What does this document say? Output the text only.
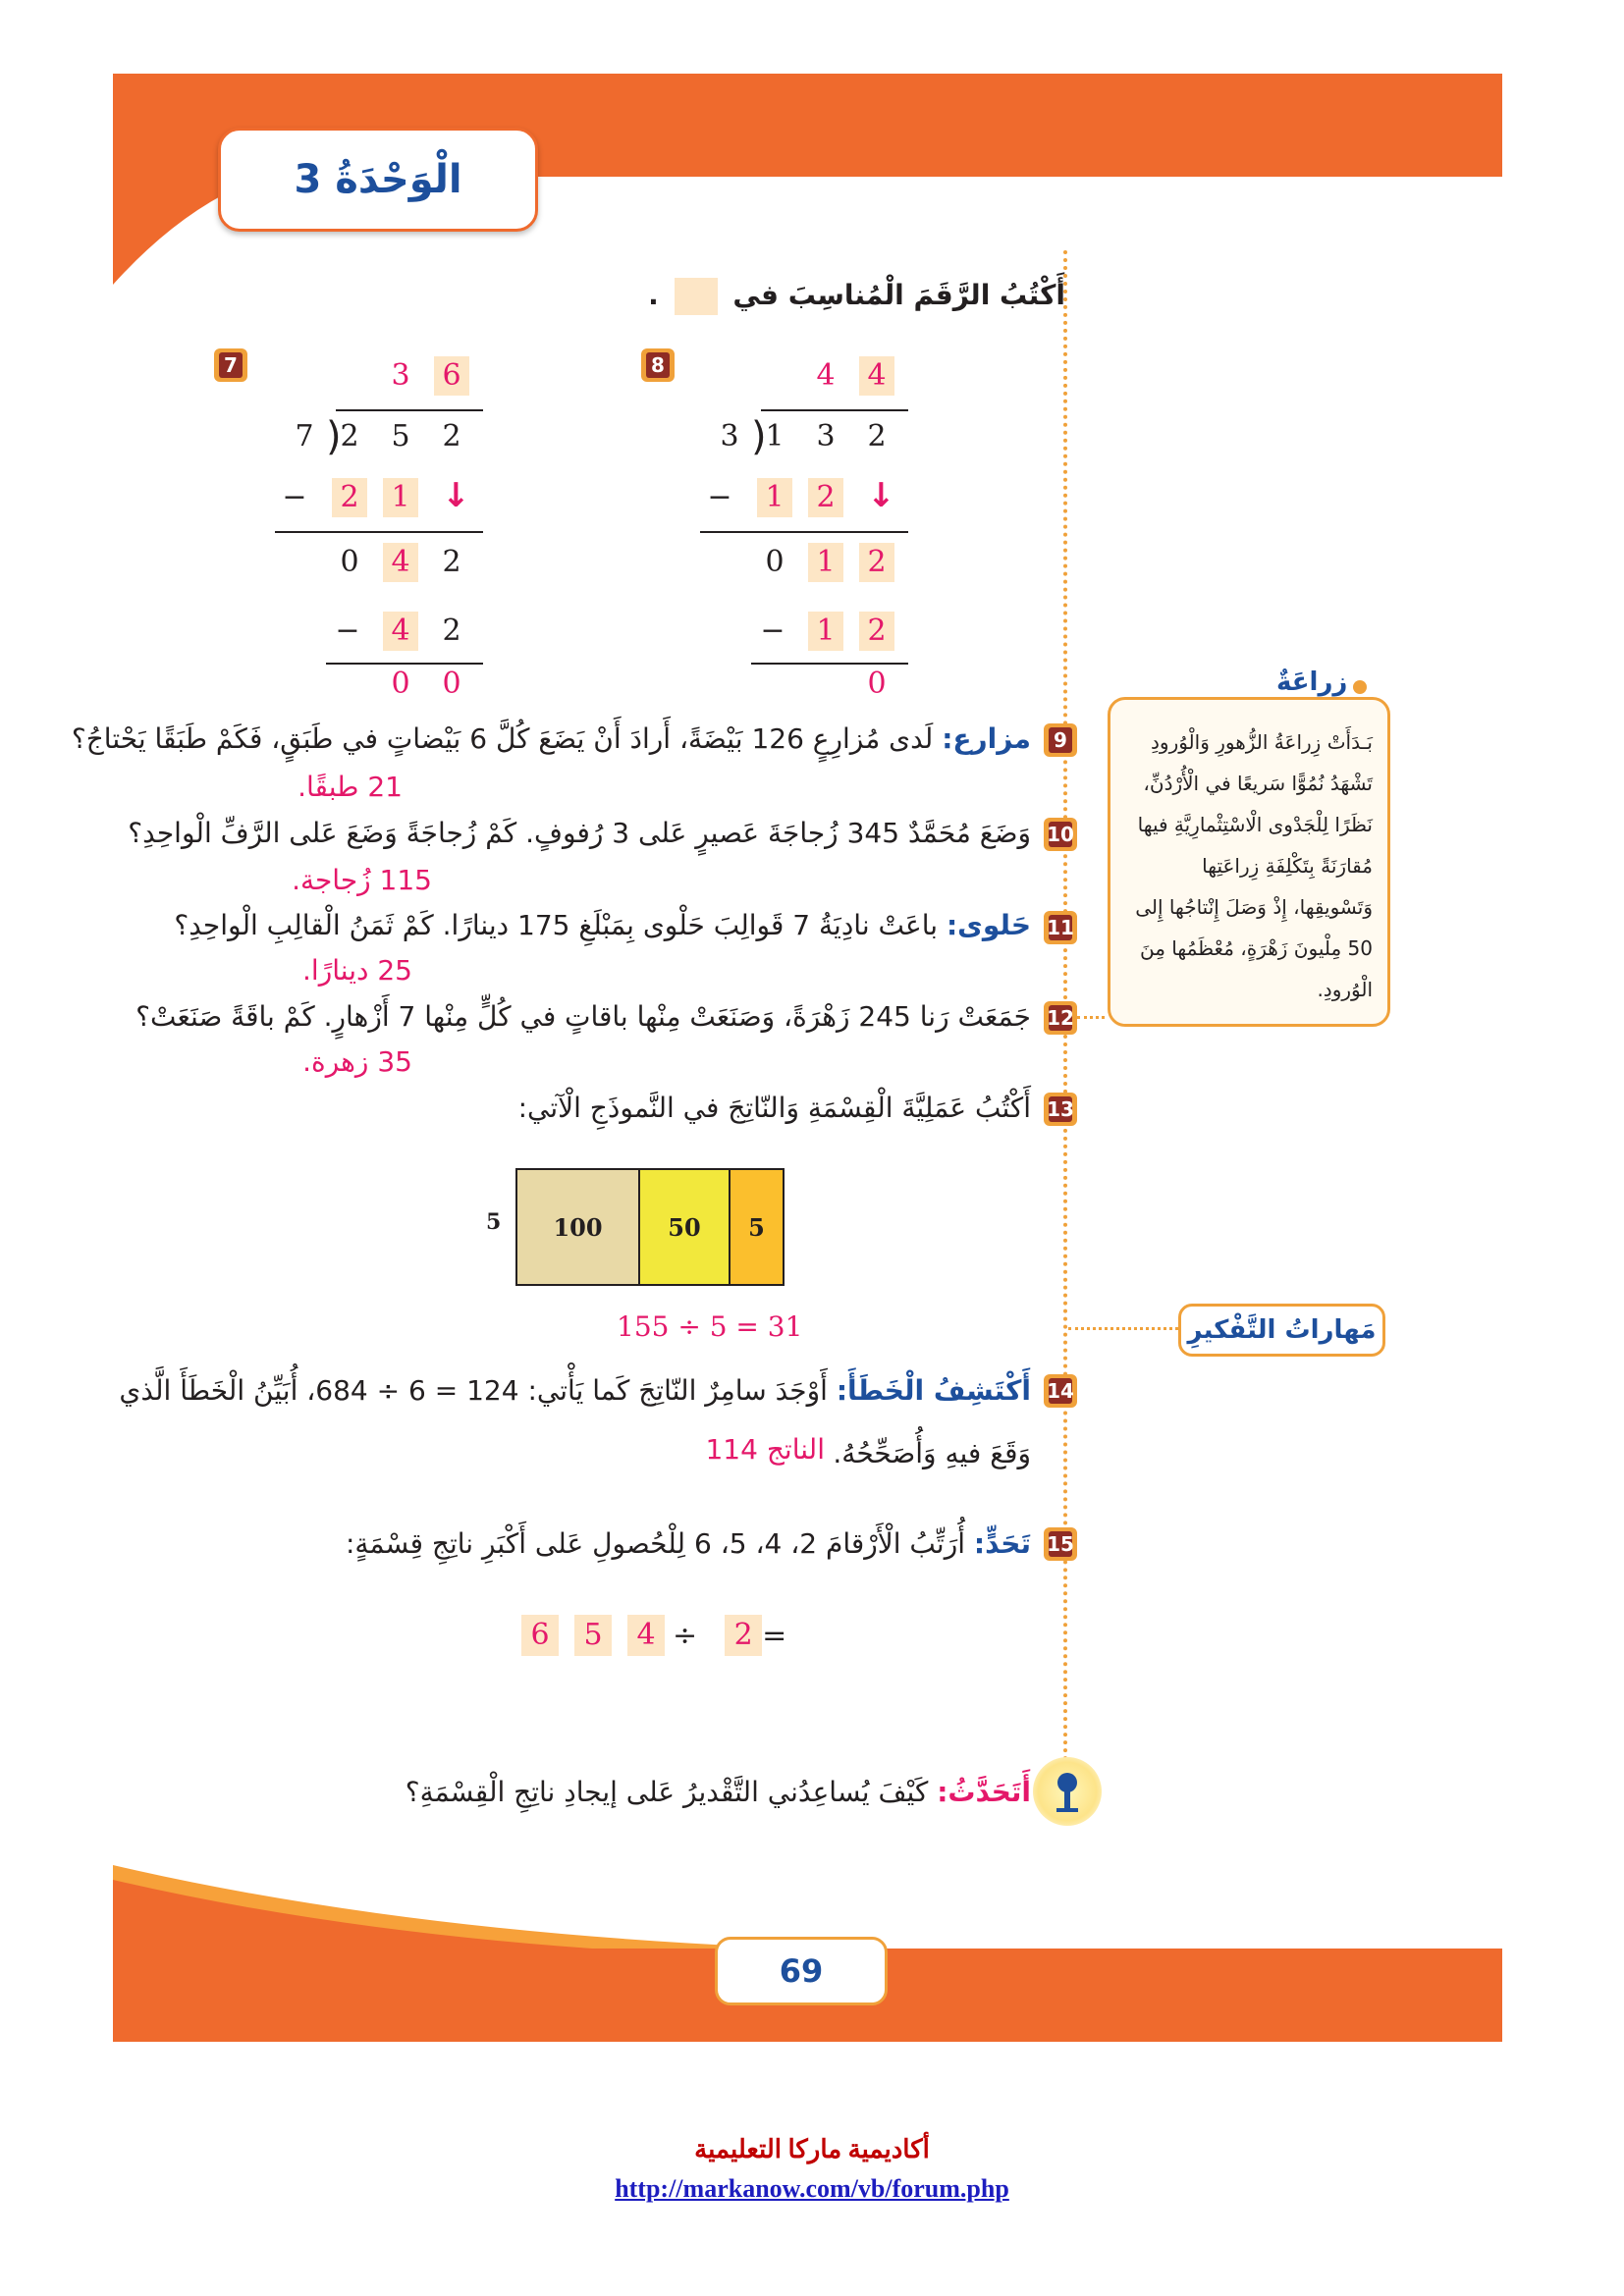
الْوَحْدَةُ 3
أَكْتُبُ الرَّقَمَ الْمُناسِبَ في  .
7	3 6
7 )
2 5 2
− 2 1 ↓
0 4 2
− 4 2
0 0
8	4 4
3 )
1 3 2
− 1 2 ↓
0 1 2
− 1 2
0	زِراعَةٌ
بَـدَأَتْ زِراعَةُ الزُّهورِ وَالْوُرودِ تَشْهَدُ نُمُوًّا سَريعًا في الْأُرْدُنِّ، نَظَرًا لِلْجَدْوى الْاسْتِثْمارِيَّةِ فيها مُقارَنَةً بِتَكْلِفَةِ زِراعَتِها وَتَسْويقِها، إِذْ وَصَلَ إِنْتاجُها إِلى 50 مِلْيونَ زَهْرَةٍ، مُعْظَمُها مِنَ الْوُرودِ.
9
مزارع: لَدى مُزارِعٍ 126 بَيْضَةً، أَرادَ أَنْ يَضَعَ كُلَّ 6 بَيْضاتٍ في طَبَقٍ، فَكَمْ طَبَقًا يَحْتاجُ؟
21 طبقًا.
10
وَضَعَ مُحَمَّدٌ 345 زُجاجَةَ عَصيرٍ عَلى 3 رُفوفٍ. كَمْ زُجاجَةً وَضَعَ عَلى الرَّفِّ الْواحِدِ؟
115 زُجاجة.
11
حَلوى: باعَتْ نادِيَةُ 7 قَوالِبَ حَلْوى بِمَبْلَغِ 175 دينارًا. كَمْ ثَمَنُ الْقالِبِ الْواحِدِ؟
25 دينارًا.
12
جَمَعَتْ رَنا 245 زَهْرَةً، وَصَنَعَتْ مِنْها باقاتٍ في كُلٍّ مِنْها 7 أَزْهارٍ. كَمْ باقَةً صَنَعَتْ؟
35 زهرة.
13
أَكْتُبُ عَمَلِيَّةَ الْقِسْمَةِ وَالنّاتِجَ في النَّموذَجِ الْآتي:
5	100	50	5
155 ÷ 5 = 31	مَهاراتُ التَّفْكيرِ
14
أَكْتَشِفُ الْخَطَأَ: أَوْجَدَ سامِرٌ النّاتِجَ كَما يَأْتي: 124 = 6 ÷ 684، أُبَيِّنُ الْخَطَأَ الَّذي
وَقَعَ فيهِ وَأُصَحِّحُهُ.
الناتج 114
15
تَحَدٍّ: أُرَتِّبُ الْأَرْقامَ 2، 4، 5، 6 لِلْحُصولِ عَلى أَكْبَرِ ناتِجِ قِسْمَةٍ:
6	5	4 ÷	2 =
أَتَحَدَّثُ: كَيْفَ يُساعِدُني التَّقْديرُ عَلى إيجادِ ناتِجِ الْقِسْمَةِ؟
69
أكاديمية ماركا التعليمية
http://markanow.com/vb/forum.php
